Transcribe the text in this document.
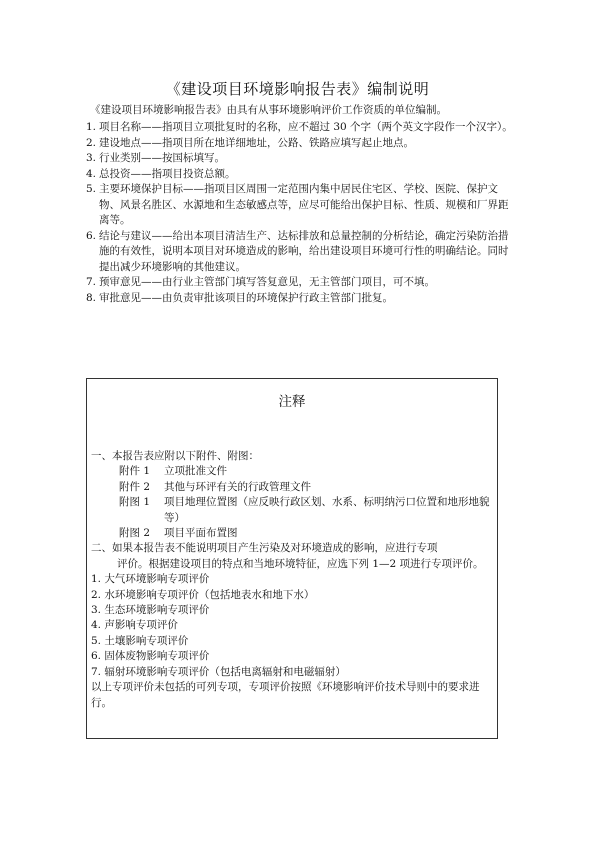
《建设项目环境影响报告表》编制说明
《建设项目环境影响报告表》由具有从事环境影响评价工作资质的单位编制。
1. 项目名称——指项目立项批复时的名称，应不超过 30 个字（两个英文字段作一个汉字）。
2. 建设地点——指项目所在地详细地址，公路、铁路应填写起止地点。
3. 行业类别——按国标填写。
4. 总投资——指项目投资总额。
5. 主要环境保护目标——指项目区周围一定范围内集中居民住宅区、学校、医院、保护文物、风景名胜区、水源地和生态敏感点等，应尽可能给出保护目标、性质、规模和厂界距离等。
6. 结论与建议——给出本项目清洁生产、达标排放和总量控制的分析结论，确定污染防治措施的有效性，说明本项目对环境造成的影响，给出建设项目环境可行性的明确结论。同时提出减少环境影响的其他建议。
7. 预审意见——由行业主管部门填写答复意见，无主管部门项目，可不填。
8. 审批意见——由负责审批该项目的环境保护行政主管部门批复。
注释
一、本报告表应附以下附件、附图：
附件 1	立项批准文件
附件 2	其他与环评有关的行政管理文件
附图 1	项目地理位置图（应反映行政区划、水系、标明纳污口位置和地形地貌等）
附图 2	项目平面布置图
二、如果本报告表不能说明项目产生污染及对环境造成的影响，应进行专项
评价。根据建设项目的特点和当地环境特征，应选下列 1—2 项进行专项评价。
1. 大气环境影响专项评价
2. 水环境影响专项评价（包括地表水和地下水）
3. 生态环境影响专项评价
4. 声影响专项评价
5. 土壤影响专项评价
6. 固体废物影响专项评价
7. 辐射环境影响专项评价（包括电离辐射和电磁辐射）
以上专项评价未包括的可列专项，专项评价按照《环境影响评价技术导则中的要求进行。
